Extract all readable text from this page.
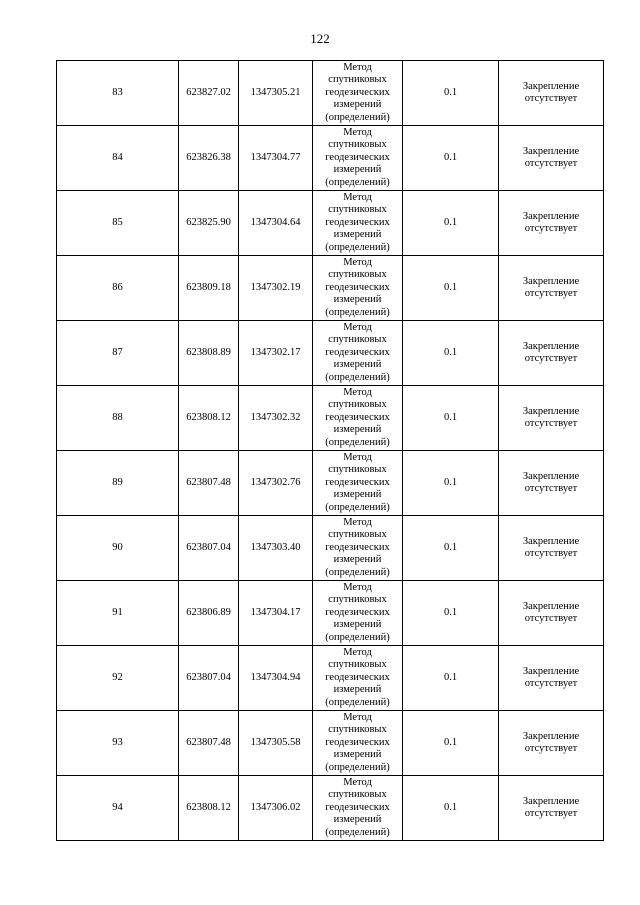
122
83	623827.02	1347305.21	Метод
спутниковых
геодезических
измерений
(определений)	0.1	Закрепление
отсутствует
84	623826.38	1347304.77	Метод
спутниковых
геодезических
измерений
(определений)	0.1	Закрепление
отсутствует
85	623825.90	1347304.64	Метод
спутниковых
геодезических
измерений
(определений)	0.1	Закрепление
отсутствует
86	623809.18	1347302.19	Метод
спутниковых
геодезических
измерений
(определений)	0.1	Закрепление
отсутствует
87	623808.89	1347302.17	Метод
спутниковых
геодезических
измерений
(определений)	0.1	Закрепление
отсутствует
88	623808.12	1347302.32	Метод
спутниковых
геодезических
измерений
(определений)	0.1	Закрепление
отсутствует
89	623807.48	1347302.76	Метод
спутниковых
геодезических
измерений
(определений)	0.1	Закрепление
отсутствует
90	623807.04	1347303.40	Метод
спутниковых
геодезических
измерений
(определений)	0.1	Закрепление
отсутствует
91	623806.89	1347304.17	Метод
спутниковых
геодезических
измерений
(определений)	0.1	Закрепление
отсутствует
92	623807.04	1347304.94	Метод
спутниковых
геодезических
измерений
(определений)	0.1	Закрепление
отсутствует
93	623807.48	1347305.58	Метод
спутниковых
геодезических
измерений
(определений)	0.1	Закрепление
отсутствует
94	623808.12	1347306.02	Метод
спутниковых
геодезических
измерений
(определений)	0.1	Закрепление
отсутствует
